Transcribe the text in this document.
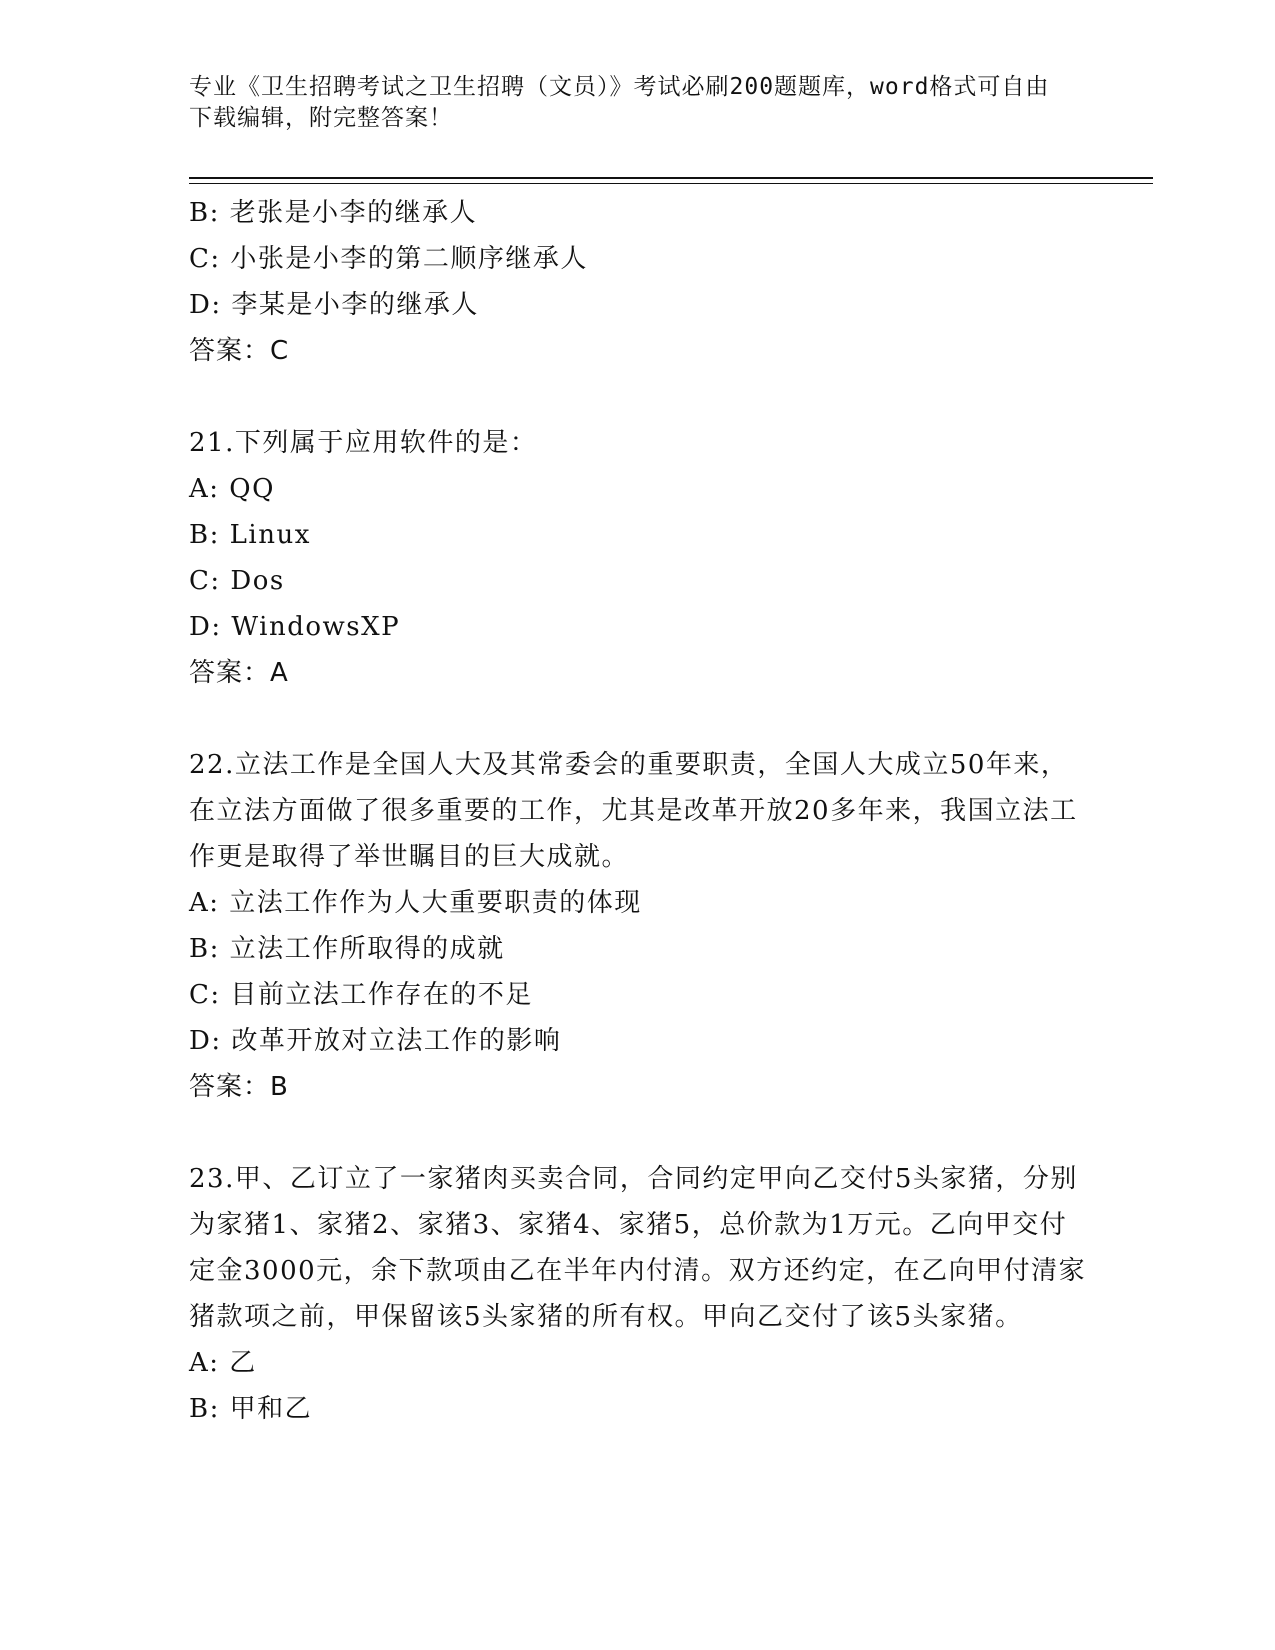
专业《卫生招聘考试之卫生招聘（文员）》考试必刷200题题库，word格式可自由下载编辑，附完整答案！
B: 老张是小李的继承人
C: 小张是小李的第二顺序继承人
D: 李某是小李的继承人
答案：C
21.下列属于应用软件的是：
A: QQ
B: Linux
C: Dos
D: WindowsXP
答案：A
22.立法工作是全国人大及其常委会的重要职责，全国人大成立50年来，在立法方面做了很多重要的工作，尤其是改革开放20多年来，我国立法工作更是取得了举世瞩目的巨大成就。
A: 立法工作作为人大重要职责的体现
B: 立法工作所取得的成就
C: 目前立法工作存在的不足
D: 改革开放对立法工作的影响
答案：B
23.甲、乙订立了一家猪肉买卖合同，合同约定甲向乙交付5头家猪，分别为家猪1、家猪2、家猪3、家猪4、家猪5，总价款为1万元。乙向甲交付定金3000元，余下款项由乙在半年内付清。双方还约定，在乙向甲付清家猪款项之前，甲保留该5头家猪的所有权。甲向乙交付了该5头家猪。
A: 乙
B: 甲和乙
